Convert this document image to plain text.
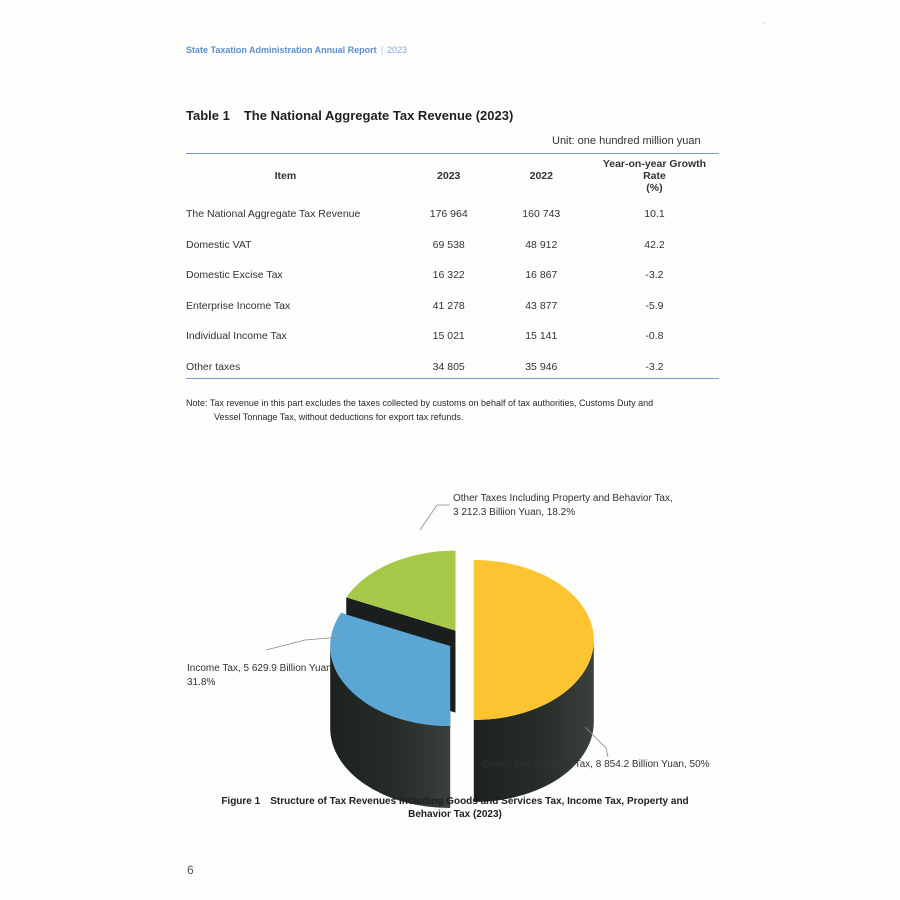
'
State Taxation Administration Annual Report | 2023
Table 1 The National Aggregate Tax Revenue (2023)
Unit: one hundred million yuan
Item	2023	2022	Year-on-year Growth Rate
(%)
The National Aggregate Tax Revenue	176 964	160 743	10.1
Domestic VAT	69 538	48 912	42.2
Domestic Excise Tax	16 322	16 867	-3.2
Enterprise Income Tax	41 278	43 877	-5.9
Individual Income Tax	15 021	15 141	-0.8
Other taxes	34 805	35 946	-3.2
Note: Tax revenue in this part excludes the taxes collected by customs on behalf of tax authorities, Customs Duty and
Vessel Tonnage Tax, without deductions for export tax refunds.
Other Taxes Including Property and Behavior Tax,
3 212.3 Billion Yuan, 18.2%
Income Tax, 5 629.9 Billion Yuan,
31.8%
Goods and Services Tax, 8 854.2 Billion Yuan, 50%
Figure 1 Structure of Tax Revenues Including Goods and Services Tax, Income Tax, Property and
Behavior Tax (2023)
6
